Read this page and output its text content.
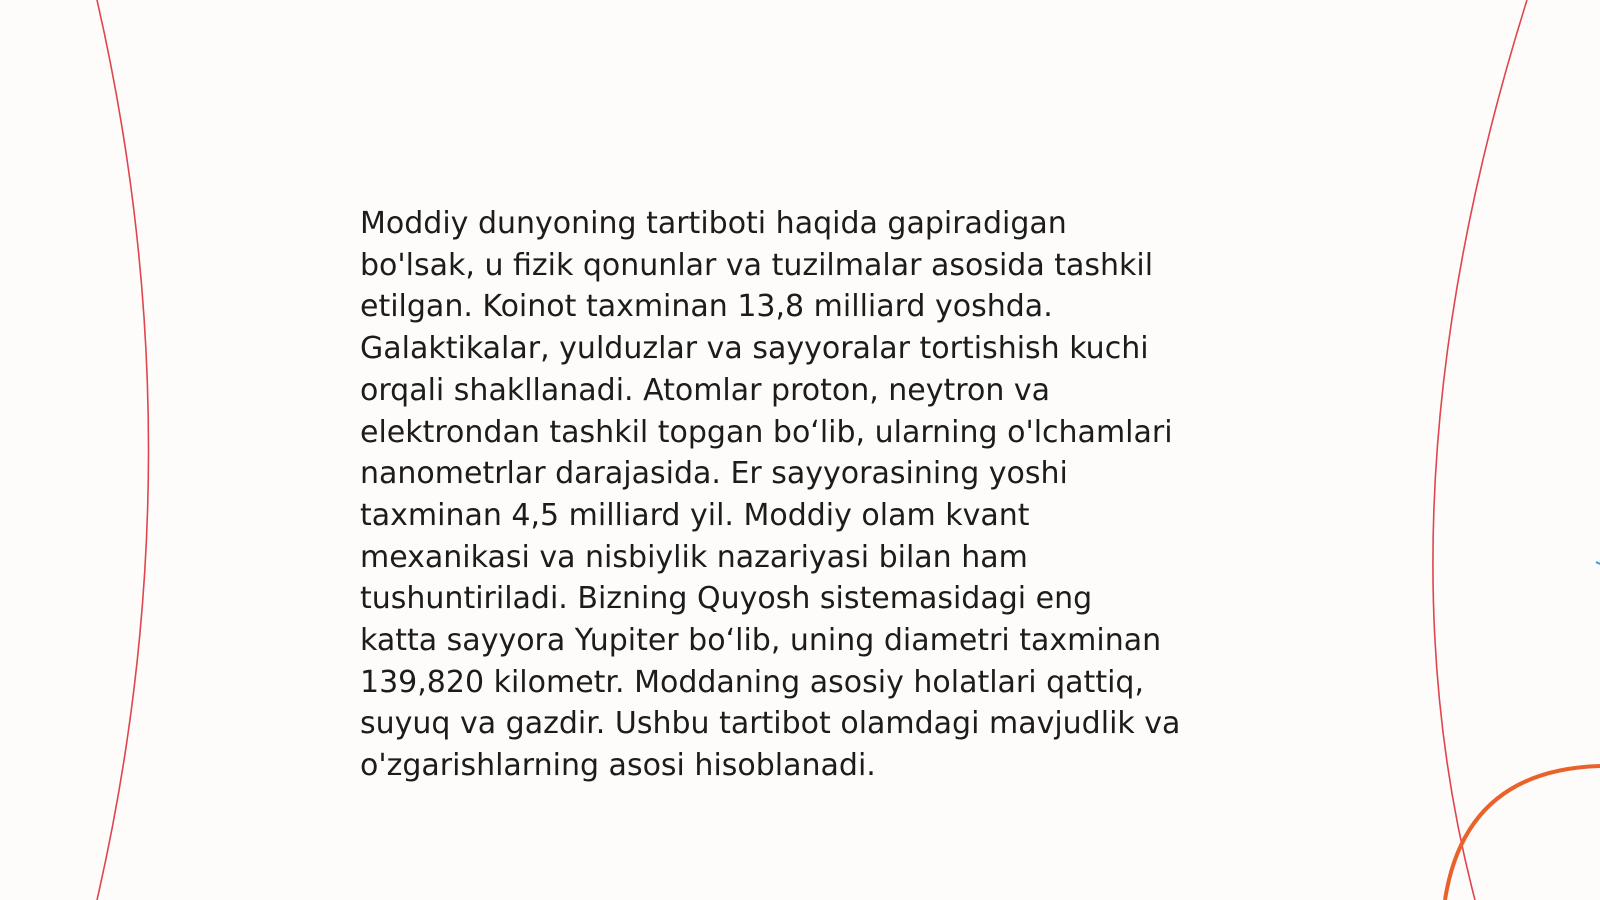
Moddiy dunyoning tartiboti haqida gapiradigan
bo'lsak, u fizik qonunlar va tuzilmalar asosida tashkil
etilgan. Koinot taxminan 13,8 milliard yoshda.
Galaktikalar, yulduzlar va sayyoralar tortishish kuchi
orqali shakllanadi. Atomlar proton, neytron va
elektrondan tashkil topgan bo‘lib, ularning o'lchamlari
nanometrlar darajasida. Er sayyorasining yoshi
taxminan 4,5 milliard yil. Moddiy olam kvant
mexanikasi va nisbiylik nazariyasi bilan ham
tushuntiriladi. Bizning Quyosh sistemasidagi eng
katta sayyora Yupiter bo‘lib, uning diametri taxminan
139,820 kilometr. Moddaning asosiy holatlari qattiq,
suyuq va gazdir. Ushbu tartibot olamdagi mavjudlik va
o'zgarishlarning asosi hisoblanadi.
